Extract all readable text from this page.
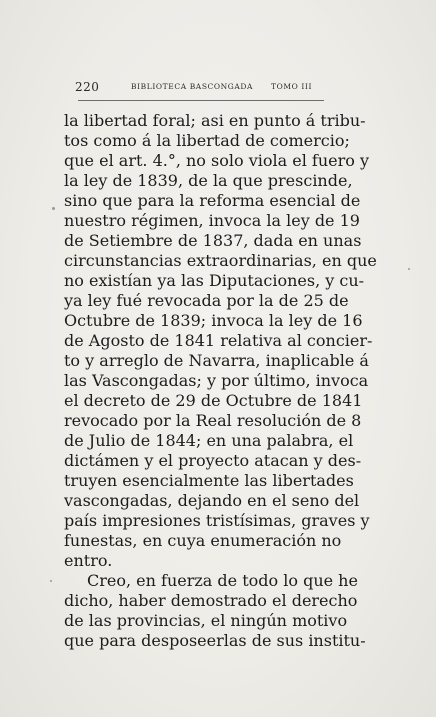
220	BIBLIOTECA BASCONGADA TOMO III
la libertad foral; asi en punto á tribu-
tos como á la libertad de comercio;
que el art. 4.°, no solo viola el fuero y
la ley de 1839, de la que prescinde,
sino que para la reforma esencial de
nuestro régimen, invoca la ley de 19
de Setiembre de 1837, dada en unas
circunstancias extraordinarias, en que
no existían ya las Diputaciones, y cu-
ya ley fué revocada por la de 25 de
Octubre de 1839; invoca la ley de 16
de Agosto de 1841 relativa al concier-
to y arreglo de Navarra, inaplicable á
las Vascongadas; y por último, invoca
el decreto de 29 de Octubre de 1841
revocado por la Real resolución de 8
de Julio de 1844; en una palabra, el
dictámen y el proyecto atacan y des-
truyen esencialmente las libertades
vascongadas, dejando en el seno del
país impresiones tristísimas, graves y
funestas, en cuya enumeración no
entro.
Creo, en fuerza de todo lo que he
dicho, haber demostrado el derecho
de las provincias, el ningún motivo
que para desposeerlas de sus institu-
